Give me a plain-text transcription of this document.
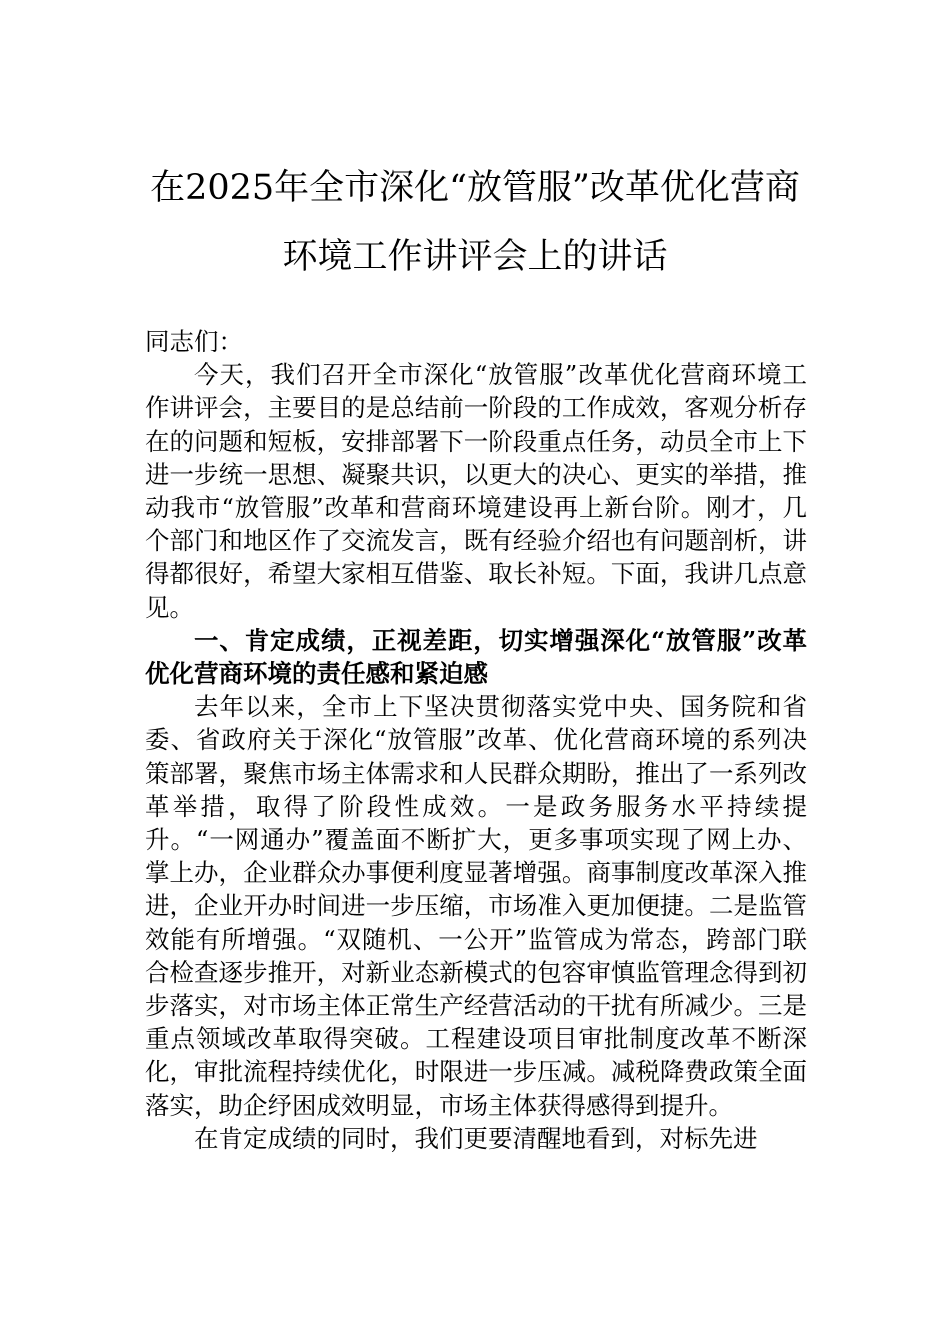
在2025年全市深化“放管服”改革优化营商
环境工作讲评会上的讲话

同志们：

今天，我们召开全市深化“放管服”改革优化营商环境工作讲评会，主要目的是总结前一阶段的工作成效，客观分析存在的问题和短板，安排部署下一阶段重点任务，动员全市上下进一步统一思想、凝聚共识，以更大的决心、更实的举措，推动我市“放管服”改革和营商环境建设再上新台阶。刚才，几个部门和地区作了交流发言，既有经验介绍也有问题剖析，讲得都很好，希望大家相互借鉴、取长补短。下面，我讲几点意见。

一、肯定成绩，正视差距，切实增强深化“放管服”改革优化营商环境的责任感和紧迫感

去年以来，全市上下坚决贯彻落实党中央、国务院和省委、省政府关于深化“放管服”改革、优化营商环境的系列决策部署，聚焦市场主体需求和人民群众期盼，推出了一系列改革举措，取得了阶段性成效。一是政务服务水平持续提升。“一网通办”覆盖面不断扩大，更多事项实现了网上办、掌上办，企业群众办事便利度显著增强。商事制度改革深入推进，企业开办时间进一步压缩，市场准入更加便捷。二是监管效能有所增强。“双随机、一公开”监管成为常态，跨部门联合检查逐步推开，对新业态新模式的包容审慎监管理念得到初步落实，对市场主体正常生产经营活动的干扰有所减少。三是重点领域改革取得突破。工程建设项目审批制度改革不断深化，审批流程持续优化，时限进一步压减。减税降费政策全面落实，助企纾困成效明显，市场主体获得感得到提升。

在肯定成绩的同时，我们更要清醒地看到，对标先进
